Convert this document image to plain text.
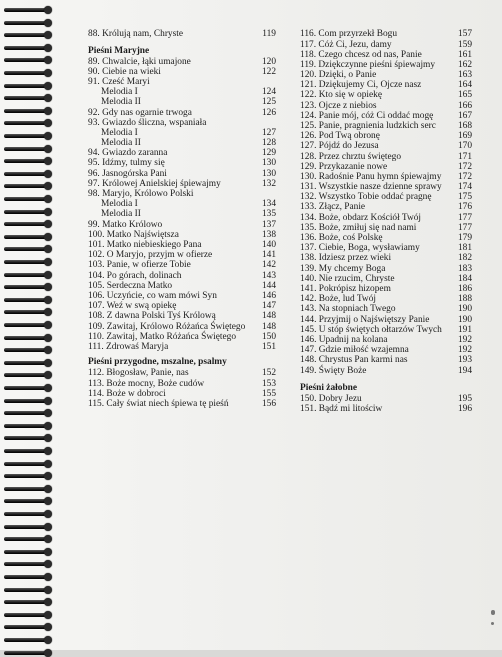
88. Królują nam, Chryste	119
Pieśni Maryjne
89. Chwalcie, łąki umajone	120
90. Ciebie na wieki	122
91. Cześć Maryi
Melodia I	124
Melodia II	125
92. Gdy nas ogarnie trwoga	126
93. Gwiazdo śliczna, wspaniała
Melodia I	127
Melodia II	128
94. Gwiazdo zaranna	129
95. Idźmy, tulmy się	130
96. Jasnogórska Pani	130
97. Królowej Anielskiej śpiewajmy	132
98. Maryjo, Królowo Polski
Melodia I	134
Melodia II	135
99. Matko Królowo	137
100. Matko Najświętsza	138
101. Matko niebieskiego Pana	140
102. O Maryjo, przyjm w ofierze	141
103. Panie, w ofierze Tobie	142
104. Po górach, dolinach	143
105. Serdeczna Matko	144
106. Uczyńcie, co wam mówi Syn	146
107. Weź w swą opiekę	147
108. Z dawna Polski Tyś Królową	148
109. Zawitaj, Królowo Różańca Świętego 148
110. Zawitaj, Matko Różańca Świętego	150
111. Zdrowaś Maryja	151
Pieśni przygodne, mszalne, psalmy
112. Błogosław, Panie, nas	152
113. Boże mocny, Boże cudów	153
114. Boże w dobroci	155
115. Cały świat niech śpiewa tę pieśń	156
116. Com przyrzekł Bogu	157
117. Cóż Ci, Jezu, damy	159
118. Czego chcesz od nas, Panie	161
119. Dziękczynne pieśni śpiewajmy 162
120. Dzięki, o Panie	163
121. Dziękujemy Ci, Ojcze nasz	164
122. Kto się w opiekę	165
123. Ojcze z niebios	166
124. Panie mój, cóż Ci oddać mogę	167
125. Panie, pragnienia ludzkich serc 168
126. Pod Twą obronę	169
127. Pójdź do Jezusa	170
128. Przez chrztu świętego	171
129. Przykazanie nowe	172
130. Radośnie Panu hymn śpiewajmy 172
131. Wszystkie nasze dzienne sprawy 174
132. Wszystko Tobie oddać pragnę	175
133. Złącz, Panie	176
134. Boże, obdarz Kościół Twój	177
135. Boże, zmiłuj się nad nami	177
136. Boże, coś Polskę	179
137. Ciebie, Boga, wysławiamy	181
138. Idziesz przez wieki	182
139. My chcemy Boga	183
140. Nie rzucim, Chryste	184
141. Pokrópisz hizopem	186
142. Boże, lud Twój	188
143. Na stopniach Twego	190
144. Przyjmij o Najświętszy Panie	190
145. U stóp świętych ołtarzów Twych 191
146. Upadnij na kolana	192
147. Gdzie miłość wzajemna	192
148. Chrystus Pan karmi nas	193
149. Święty Boże	194
Pieśni żałobne
150. Dobry Jezu	195
151. Bądź mi litościw	196
